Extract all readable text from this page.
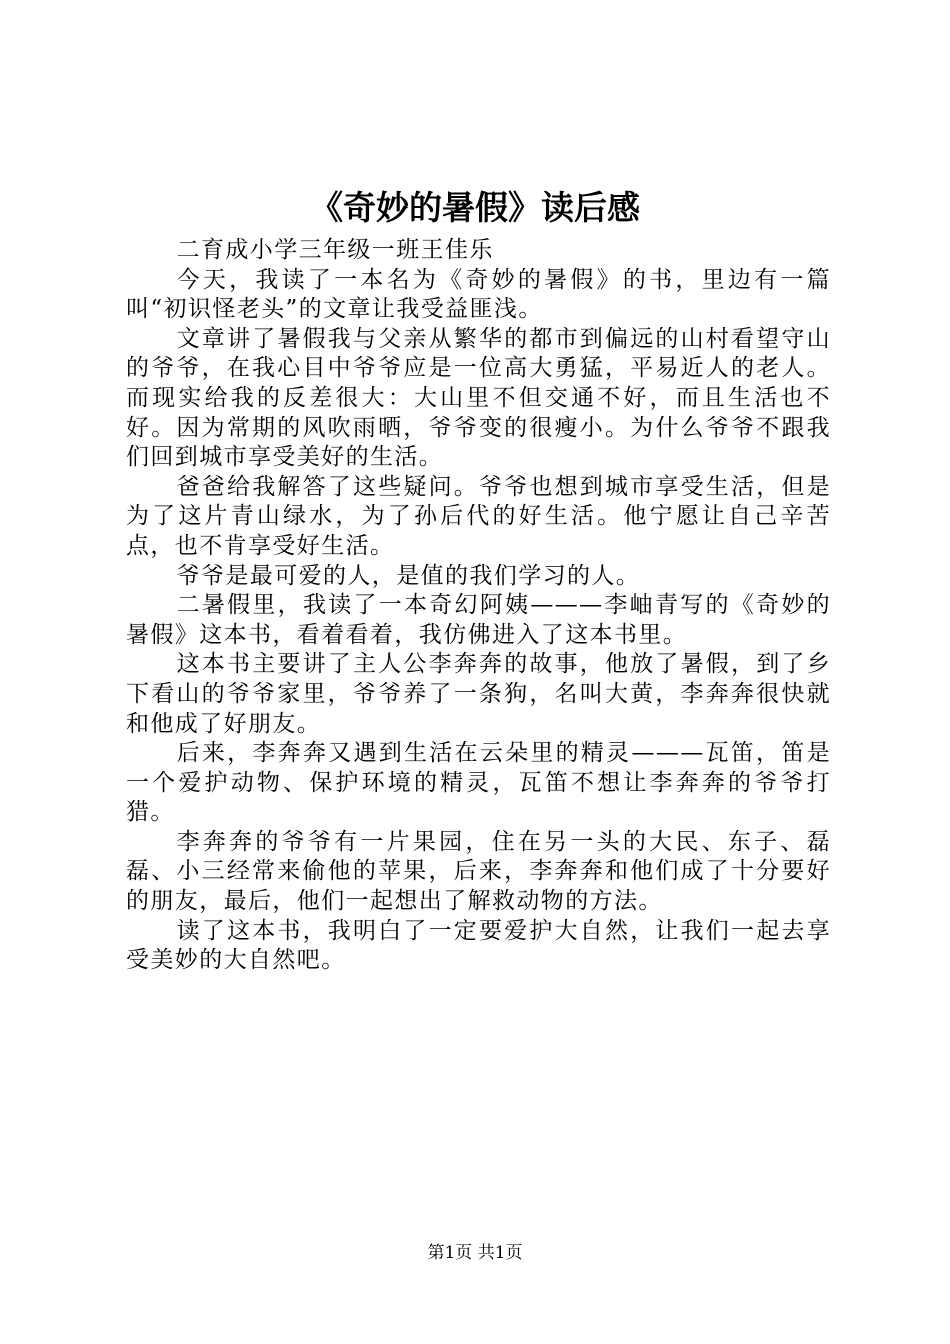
《奇妙的暑假》读后感

二育成小学三年级一班王佳乐

今天，我读了一本名为《奇妙的暑假》的书，里边有一篇叫“初识怪老头”的文章让我受益匪浅。

文章讲了暑假我与父亲从繁华的都市到偏远的山村看望守山的爷爷，在我心目中爷爷应是一位高大勇猛，平易近人的老人。而现实给我的反差很大：大山里不但交通不好，而且生活也不好。因为常期的风吹雨晒，爷爷变的很瘦小。为什么爷爷不跟我们回到城市享受美好的生活。

爸爸给我解答了这些疑问。爷爷也想到城市享受生活，但是为了这片青山绿水，为了孙后代的好生活。他宁愿让自己辛苦点，也不肯享受好生活。

爷爷是最可爱的人，是值的我们学习的人。

二暑假里，我读了一本奇幻阿姨———李岫青写的《奇妙的暑假》这本书，看着看着，我仿佛进入了这本书里。

这本书主要讲了主人公李奔奔的故事，他放了暑假，到了乡下看山的爷爷家里，爷爷养了一条狗，名叫大黄，李奔奔很快就和他成了好朋友。

后来，李奔奔又遇到生活在云朵里的精灵———瓦笛，笛是一个爱护动物、保护环境的精灵，瓦笛不想让李奔奔的爷爷打猎。

李奔奔的爷爷有一片果园，住在另一头的大民、东子、磊磊、小三经常来偷他的苹果，后来，李奔奔和他们成了十分要好的朋友，最后，他们一起想出了解救动物的方法。

读了这本书，我明白了一定要爱护大自然，让我们一起去享受美妙的大自然吧。

第1页 共1页
